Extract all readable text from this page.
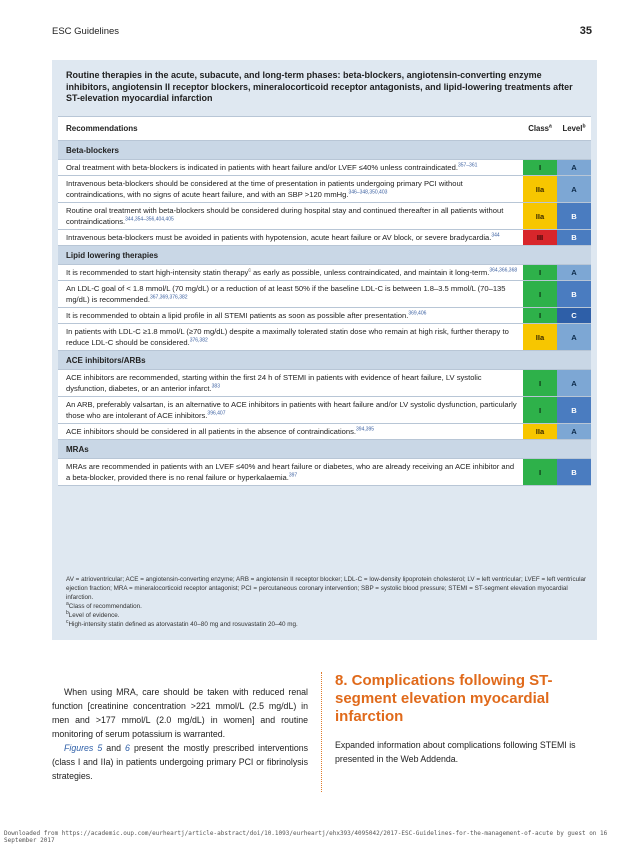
ESC Guidelines	35
Routine therapies in the acute, subacute, and long-term phases: beta-blockers, angiotensin-converting enzyme inhibitors, angiotensin II receptor blockers, mineralocorticoid receptor antagonists, and lipid-lowering treatments after ST-elevation myocardial infarction
Recommendations	Class$^a$	Level$^b$
Beta-blockers		
Oral treatment with beta-blockers is indicated in patients with heart failure and/or LVEF ≤40% unless contraindicated.$^{357-361}$	I	A
Intravenous beta-blockers should be considered at the time of presentation in patients undergoing primary PCI without contraindications, with no signs of acute heart failure, and with an SBP >120 mmHg.$^{346-348,350,403}$	IIa	A
Routine oral treatment with beta-blockers should be considered during hospital stay and continued thereafter in all patients without contraindications.$^{344,354-356,404,405}$	IIa	B
Intravenous beta-blockers must be avoided in patients with hypotension, acute heart failure or AV block, or severe bradycardia.$^{344}$	III	B
Lipid lowering therapies		
It is recommended to start high-intensity statin therapy$^c$ as early as possible, unless contraindicated, and maintain it long-term.$^{364,366,368}$	I	A
An LDL-C goal of < 1.8 mmol/L (70 mg/dL) or a reduction of at least 50% if the baseline LDL-C is between 1.8–3.5 mmol/L (70–135 mg/dL) is recommended.$^{367,369,376,382}$	I	B
It is recommended to obtain a lipid profile in all STEMI patients as soon as possible after presentation.$^{369,406}$	I	C
In patients with LDL-C ≥1.8 mmol/L (≥70 mg/dL) despite a maximally tolerated statin dose who remain at high risk, further therapy to reduce LDL-C should be considered.$^{376,382}$	IIa	A
ACE inhibitors/ARBs		
ACE inhibitors are recommended, starting within the first 24 h of STEMI in patients with evidence of heart failure, LV systolic dysfunction, diabetes, or an anterior infarct.$^{383}$	I	A
An ARB, preferably valsartan, is an alternative to ACE inhibitors in patients with heart failure and/or LV systolic dysfunction, particularly those who are intolerant of ACE inhibitors.$^{396,407}$	I	B
ACE inhibitors should be considered in all patients in the absence of contraindications.$^{394,395}$	IIa	A
MRAs		
MRAs are recommended in patients with an LVEF ≤40% and heart failure or diabetes, who are already receiving an ACE inhibitor and a beta-blocker, provided there is no renal failure or hyperkalaemia.$^{397}$	I	B
AV = atrioventricular; ACE = angiotensin-converting enzyme; ARB = angiotensin II receptor blocker; LDL-C = low-density lipoprotein cholesterol; LV = left ventricular; LVEF = left ventricular ejection fraction; MRA = mineralocorticoid receptor antagonist; PCI = percutaneous coronary intervention; SBP = systolic blood pressure; STEMI = ST-segment elevation myocardial infarction.
$^a$Class of recommendation.
$^b$Level of evidence.
$^c$High-intensity statin defined as atorvastatin 40–80 mg and rosuvastatin 20–40 mg.

When using MRA, care should be taken with reduced renal function [creatinine concentration >221 mmol/L (2.5 mg/dL) in men and >177 mmol/L (2.0 mg/dL) in women] and routine monitoring of serum potassium is warranted.

Figures 5 and 6 present the mostly prescribed interventions (class I and IIa) in patients undergoing primary PCI or fibrinolysis strategies.

8. Complications following ST-segment elevation myocardial infarction
Expanded information about complications following STEMI is presented in the Web Addenda.
Downloaded from https://academic.oup.com/eurheartj/article-abstract/doi/10.1093/eurheartj/ehx393/4095042/2017-ESC-Guidelines-for-the-management-of-acute by guest on 16 September 2017
